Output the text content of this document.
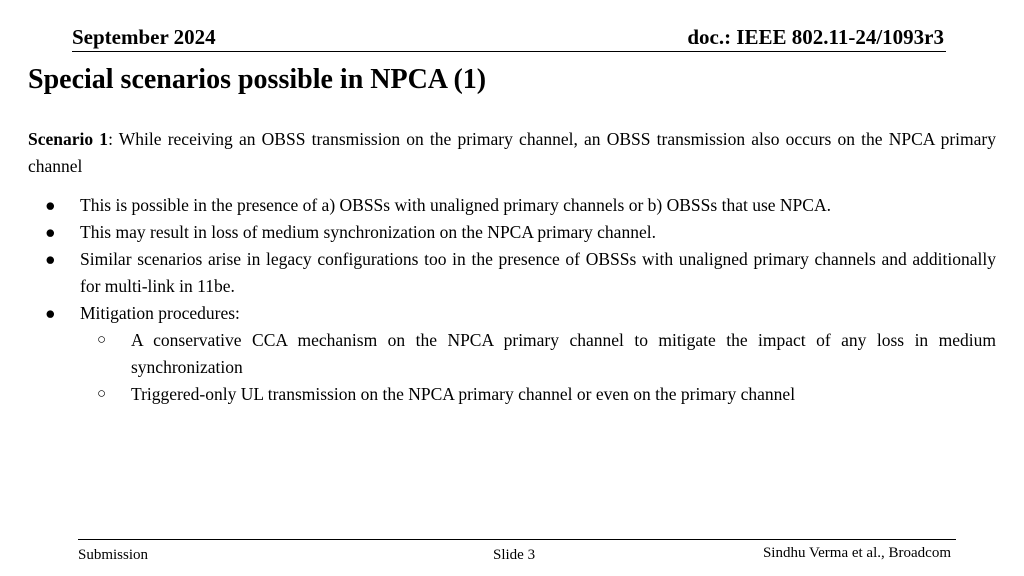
September 2024	doc.: IEEE 802.11-24/1093r3
Special scenarios possible in NPCA (1)

Scenario 1: While receiving an OBSS transmission on the primary channel, an OBSS transmission also occurs on the NPCA primary channel

● This is possible in the presence of a) OBSSs with unaligned primary channels or b) OBSSs that use NPCA.
● This may result in loss of medium synchronization on the NPCA primary channel.
● Similar scenarios arise in legacy configurations too in the presence of OBSSs with unaligned primary channels and additionally for multi-link in 11be.
● Mitigation procedures:
○ A conservative CCA mechanism on the NPCA primary channel to mitigate the impact of any loss in medium synchronization
○ Triggered-only UL transmission on the NPCA primary channel or even on the primary channel
Submission	Slide 3	Sindhu Verma et al., Broadcom
